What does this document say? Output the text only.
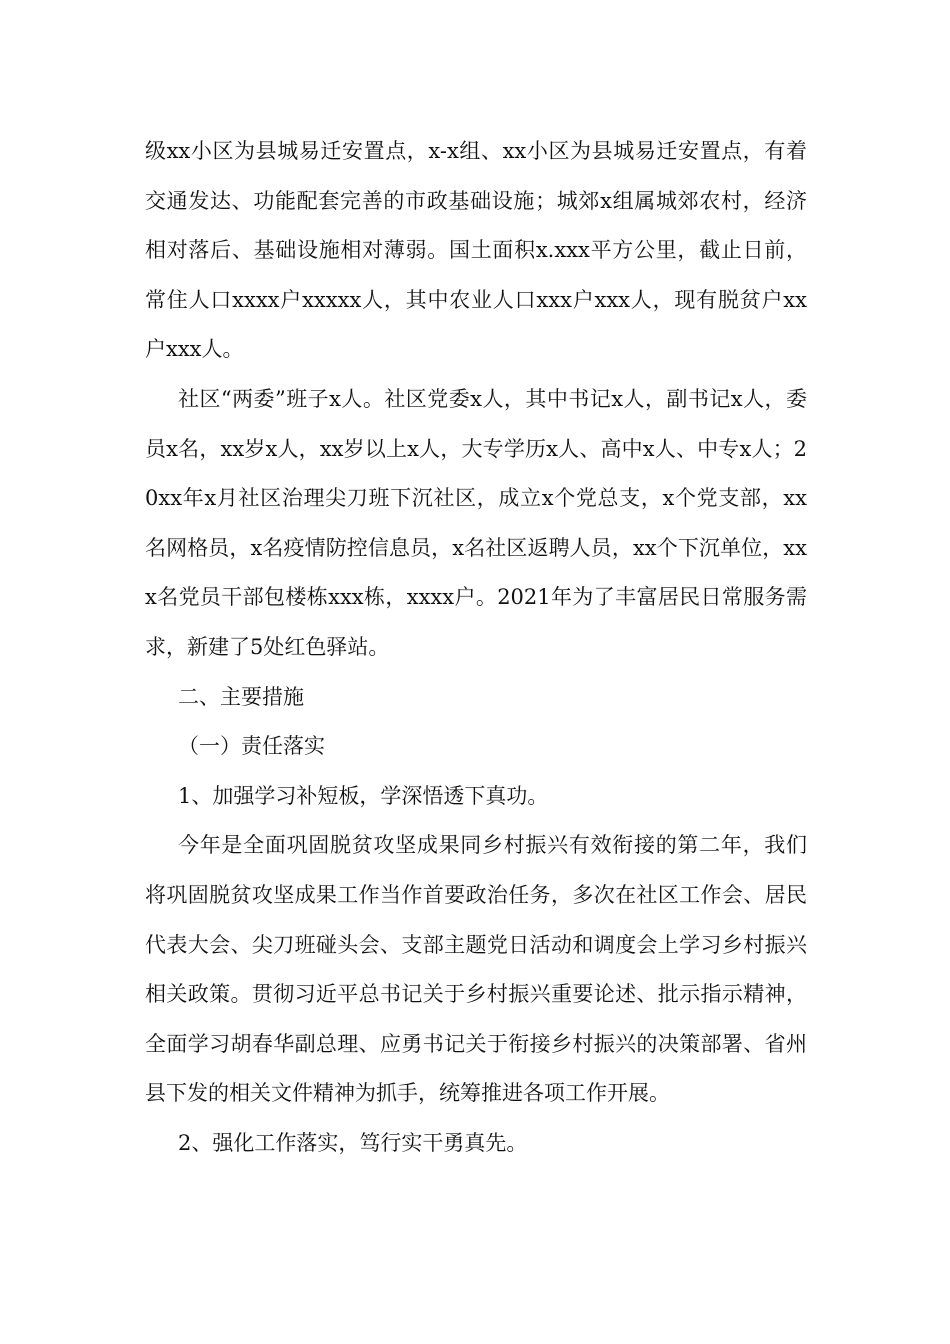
级xx小区为县城易迁安置点，x-x组、xx小区为县城易迁安置点，有着交通发达、功能配套完善的市政基础设施；城郊x组属城郊农村，经济相对落后、基础设施相对薄弱。国土面积x.xxx平方公里，截止日前，常住人口xxxx户xxxxx人，其中农业人口xxx户xxx人，现有脱贫户xx户xxx人。

社区“两委”班子x人。社区党委x人，其中书记x人，副书记x人，委员x名，xx岁x人，xx岁以上x人，大专学历x人、高中x人、中专x人；20xx年x月社区治理尖刀班下沉社区，成立x个党总支，x个党支部，xx名网格员，x名疫情防控信息员，x名社区返聘人员，xx个下沉单位，xxx名党员干部包楼栋xxx栋，xxxx户。2021年为了丰富居民日常服务需求，新建了5处红色驿站。

二、主要措施

（一）责任落实

1、加强学习补短板，学深悟透下真功。

今年是全面巩固脱贫攻坚成果同乡村振兴有效衔接的第二年，我们将巩固脱贫攻坚成果工作当作首要政治任务，多次在社区工作会、居民代表大会、尖刀班碰头会、支部主题党日活动和调度会上学习乡村振兴相关政策。贯彻习近平总书记关于乡村振兴重要论述、批示指示精神，全面学习胡春华副总理、应勇书记关于衔接乡村振兴的决策部署、省州县下发的相关文件精神为抓手，统筹推进各项工作开展。

2、强化工作落实，笃行实干勇真先。
